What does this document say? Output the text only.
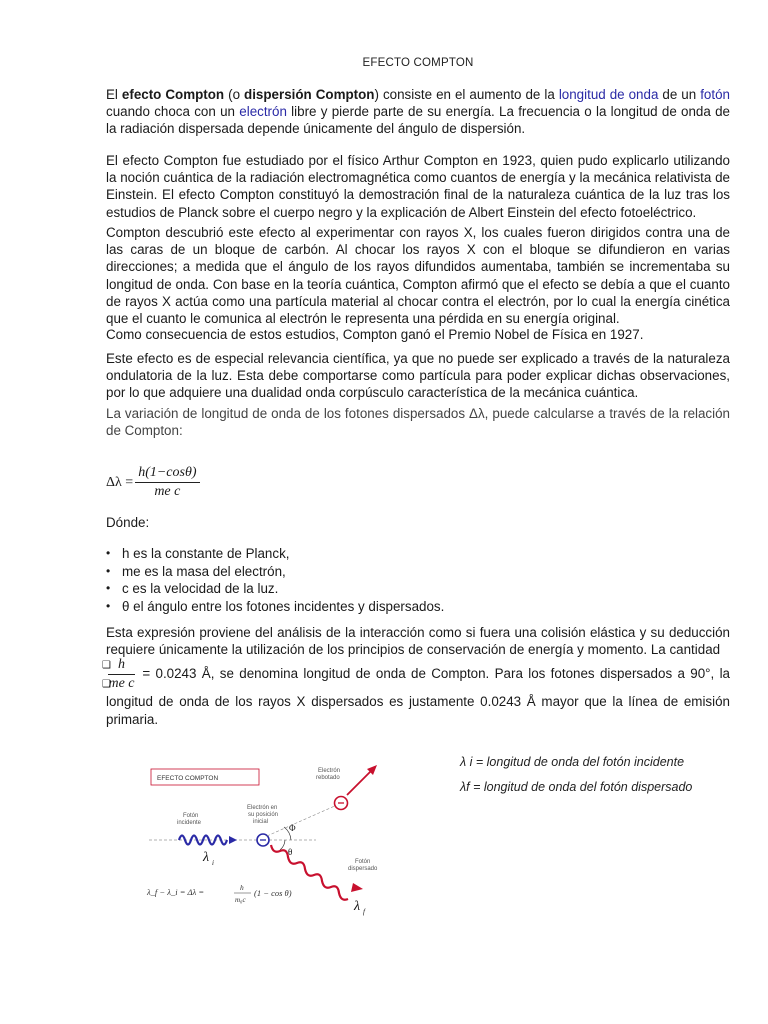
EFECTO COMPTON

El efecto Compton (o dispersión Compton) consiste en el aumento de la longitud de onda de un fotón cuando choca con un electrón libre y pierde parte de su energía. La frecuencia o la longitud de onda de la radiación dispersada depende únicamente del ángulo de dispersión.

El efecto Compton fue estudiado por el físico Arthur Compton en 1923, quien pudo explicarlo utilizando la noción cuántica de la radiación electromagnética como cuantos de energía y la mecánica relativista de Einstein. El efecto Compton constituyó la demostración final de la naturaleza cuántica de la luz tras los estudios de Planck sobre el cuerpo negro y la explicación de Albert Einstein del efecto fotoeléctrico.

Compton descubrió este efecto al experimentar con rayos X, los cuales fueron dirigidos contra una de las caras de un bloque de carbón. Al chocar los rayos X con el bloque se difundieron en varias direcciones; a medida que el ángulo de los rayos difundidos aumentaba, también se incrementaba su longitud de onda. Con base en la teoría cuántica, Compton afirmó que el efecto se debía a que el cuanto de rayos X actúa como una partícula material al chocar contra el electrón, por lo cual la energía cinética que el cuanto le comunica al electrón le representa una pérdida en su energía original.

Como consecuencia de estos estudios, Compton ganó el Premio Nobel de Física en 1927.

Este efecto es de especial relevancia científica, ya que no puede ser explicado a través de la naturaleza ondulatoria de la luz. Esta debe comportarse como partícula para poder explicar dichas observaciones, por lo que adquiere una dualidad onda corpúsculo característica de la mecánica cuántica.

La variación de longitud de onda de los fotones dispersados Δλ, puede calcularse a través de la relación de Compton:

$\Delta\lambda = \frac{h(1-\cos\theta)}{\text{me c}}$

Dónde:

• h es la constante de Planck,
• me es la masa del electrón,
• c es la velocidad de la luz.
• θ el ángulo entre los fotones incidentes y dispersados.

Esta expresión proviene del análisis de la interacción como si fuera una colisión elástica y su deducción requiere únicamente la utilización de los principios de conservación de energía y momento. La cantidad

❑ h
❑
me c
= 0.0243 Å, se denomina longitud de onda de Compton. Para los fotones dispersados a 90°, la longitud de onda de los rayos X dispersados es justamente 0.0243 Å mayor que la línea de emisión primaria.
λ i = longitud de onda del fotón incidente
λf = longitud de onda del fotón dispersado
EFECTO COMPTON
Fotón
incidente
λ i
Electrón en
su posición
inicial
Electrón
rebotado
Φ
θ
Fotón
dispersado
λ f
λ_f − λ_i = Δλ =	h
m₀c
(1 − cos θ)
